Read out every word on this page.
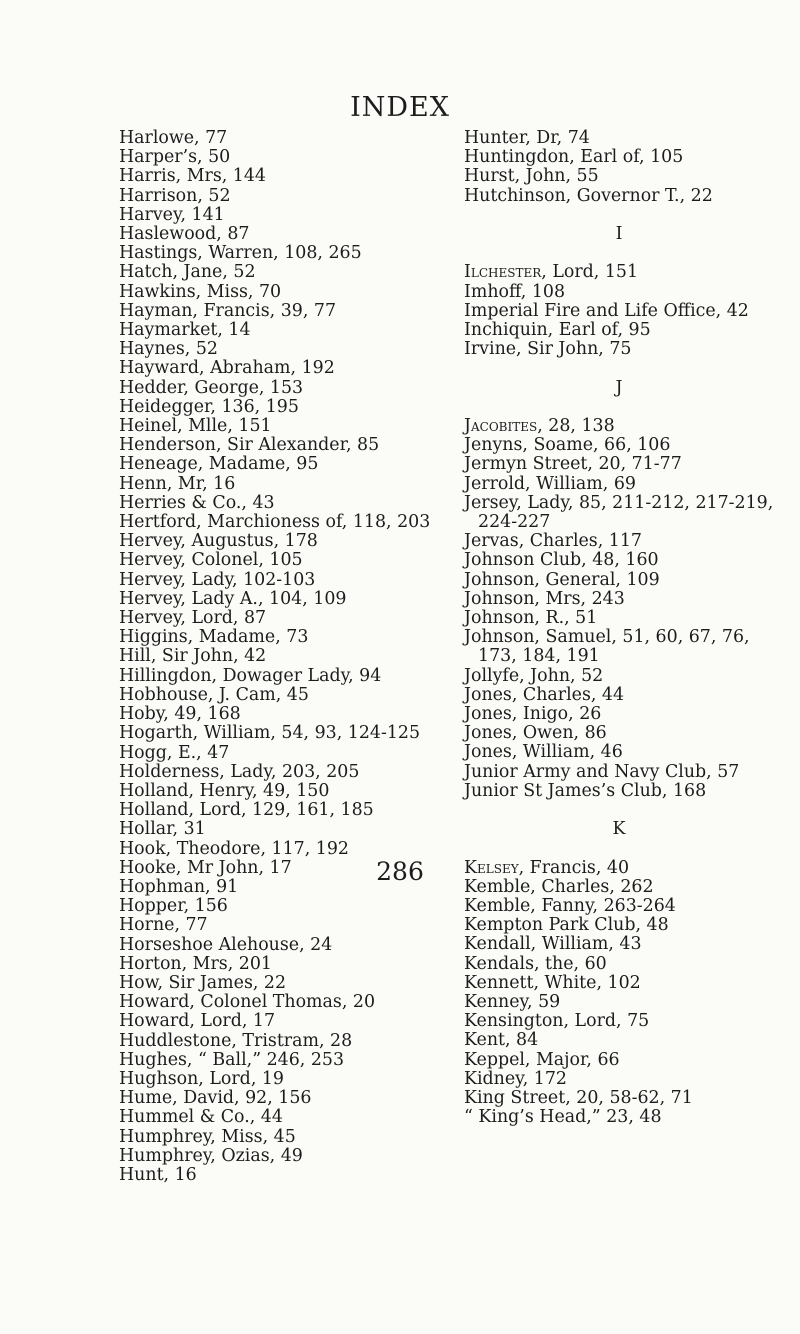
INDEX
Harlowe, 77
Harper’s, 50
Harris, Mrs, 144
Harrison, 52
Harvey, 141
Haslewood, 87
Hastings, Warren, 108, 265
Hatch, Jane, 52
Hawkins, Miss, 70
Hayman, Francis, 39, 77
Haymarket, 14
Haynes, 52
Hayward, Abraham, 192
Hedder, George, 153
Heidegger, 136, 195
Heinel, Mlle, 151
Henderson, Sir Alexander, 85
Heneage, Madame, 95
Henn, Mr, 16
Herries & Co., 43
Hertford, Marchioness of, 118, 203
Hervey, Augustus, 178
Hervey, Colonel, 105
Hervey, Lady, 102-103
Hervey, Lady A., 104, 109
Hervey, Lord, 87
Higgins, Madame, 73
Hill, Sir John, 42
Hillingdon, Dowager Lady, 94
Hobhouse, J. Cam, 45
Hoby, 49, 168
Hogarth, William, 54, 93, 124-125
Hogg, E., 47
Holderness, Lady, 203, 205
Holland, Henry, 49, 150
Holland, Lord, 129, 161, 185
Hollar, 31
Hook, Theodore, 117, 192
Hooke, Mr John, 17
Hophman, 91
Hopper, 156
Horne, 77
Horseshoe Alehouse, 24
Horton, Mrs, 201
How, Sir James, 22
Howard, Colonel Thomas, 20
Howard, Lord, 17
Huddlestone, Tristram, 28
Hughes, “ Ball,” 246, 253
Hughson, Lord, 19
Hume, David, 92, 156
Hummel & Co., 44
Humphrey, Miss, 45
Humphrey, Ozias, 49
Hunt, 16
Hunter, Dr, 74
Huntingdon, Earl of, 105
Hurst, John, 55
Hutchinson, Governor T., 22
I
Ilchester, Lord, 151
Imhoff, 108
Imperial Fire and Life Office, 42
Inchiquin, Earl of, 95
Irvine, Sir John, 75
J
Jacobites, 28, 138
Jenyns, Soame, 66, 106
Jermyn Street, 20, 71-77
Jerrold, William, 69
Jersey, Lady, 85, 211-212, 217-219,
224-227
Jervas, Charles, 117
Johnson Club, 48, 160
Johnson, General, 109
Johnson, Mrs, 243
Johnson, R., 51
Johnson, Samuel, 51, 60, 67, 76,
173, 184, 191
Jollyfe, John, 52
Jones, Charles, 44
Jones, Inigo, 26
Jones, Owen, 86
Jones, William, 46
Junior Army and Navy Club, 57
Junior St James’s Club, 168
K
Kelsey, Francis, 40
Kemble, Charles, 262
Kemble, Fanny, 263-264
Kempton Park Club, 48
Kendall, William, 43
Kendals, the, 60
Kennett, White, 102
Kenney, 59
Kensington, Lord, 75
Kent, 84
Keppel, Major, 66
Kidney, 172
King Street, 20, 58-62, 71
“ King’s Head,” 23, 48
286
